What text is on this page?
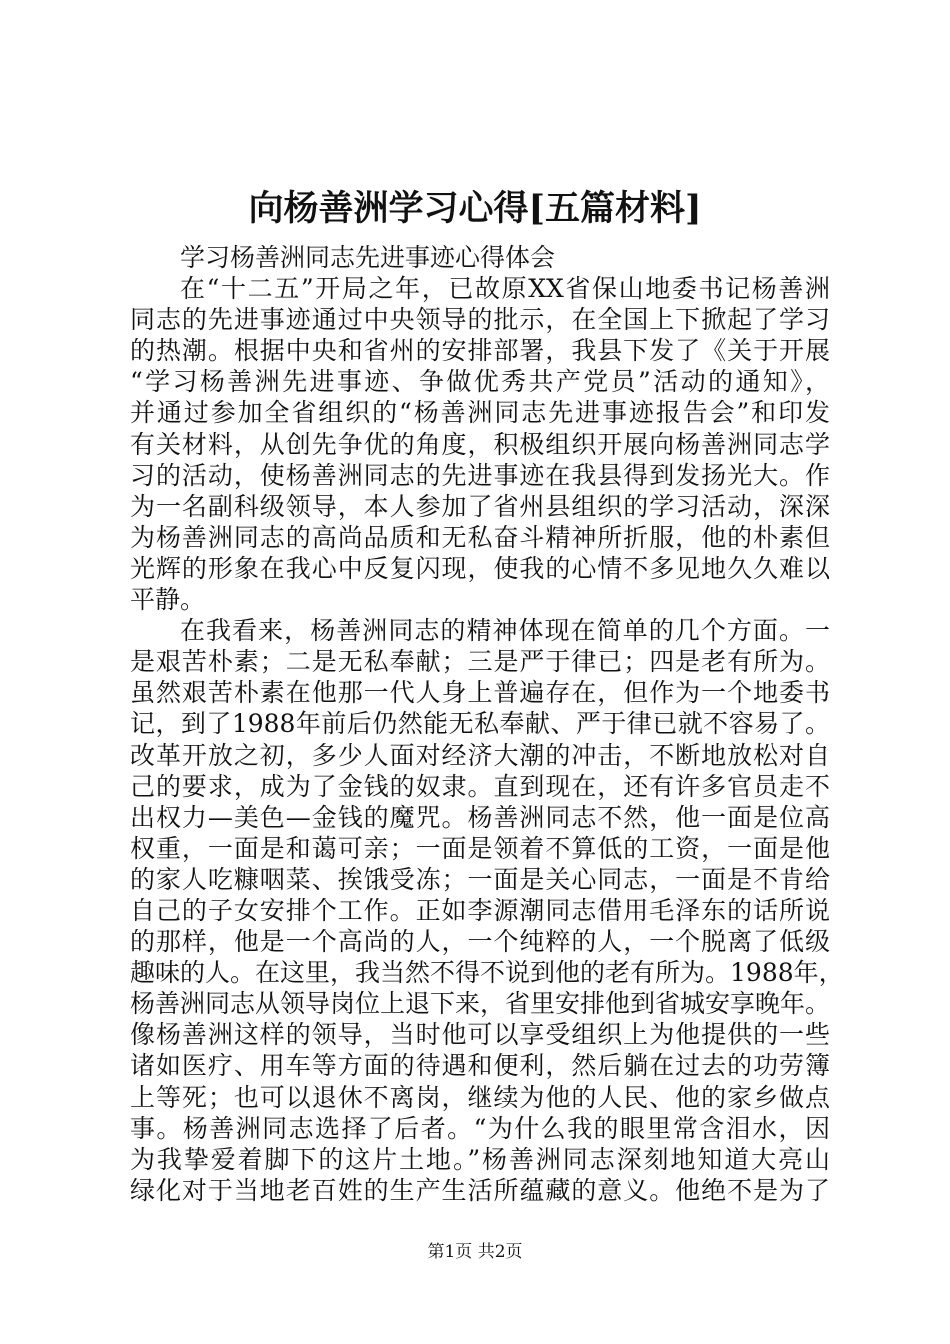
向杨善洲学习心得[五篇材料]
学习杨善洲同志先进事迹心得体会
在“十二五”开局之年，已故原XX省保山地委书记杨善洲
同志的先进事迹通过中央领导的批示，在全国上下掀起了学习
的热潮。根据中央和省州的安排部署，我县下发了《关于开展
“学习杨善洲先进事迹、争做优秀共产党员”活动的通知》，
并通过参加全省组织的“杨善洲同志先进事迹报告会”和印发
有关材料，从创先争优的角度，积极组织开展向杨善洲同志学
习的活动，使杨善洲同志的先进事迹在我县得到发扬光大。作
为一名副科级领导，本人参加了省州县组织的学习活动，深深
为杨善洲同志的高尚品质和无私奋斗精神所折服，他的朴素但
光辉的形象在我心中反复闪现，使我的心情不多见地久久难以
平静。
在我看来，杨善洲同志的精神体现在简单的几个方面。一
是艰苦朴素；二是无私奉献；三是严于律已；四是老有所为。
虽然艰苦朴素在他那一代人身上普遍存在，但作为一个地委书
记，到了1988年前后仍然能无私奉献、严于律已就不容易了。
改革开放之初，多少人面对经济大潮的冲击，不断地放松对自
己的要求，成为了金钱的奴隶。直到现在，还有许多官员走不
出权力—美色—金钱的魔咒。杨善洲同志不然，他一面是位高
权重，一面是和蔼可亲；一面是领着不算低的工资，一面是他
的家人吃糠咽菜、挨饿受冻；一面是关心同志，一面是不肯给
自己的子女安排个工作。正如李源潮同志借用毛泽东的话所说
的那样，他是一个高尚的人，一个纯粹的人，一个脱离了低级
趣味的人。在这里，我当然不得不说到他的老有所为。1988年，
杨善洲同志从领导岗位上退下来，省里安排他到省城安享晚年。
像杨善洲这样的领导，当时他可以享受组织上为他提供的一些
诸如医疗、用车等方面的待遇和便利，然后躺在过去的功劳簿
上等死；也可以退休不离岗，继续为他的人民、他的家乡做点
事。杨善洲同志选择了后者。“为什么我的眼里常含泪水，因
为我挚爱着脚下的这片土地。”杨善洲同志深刻地知道大亮山
绿化对于当地老百姓的生产生活所蕴藏的意义。他绝不是为了
第1页 共2页
